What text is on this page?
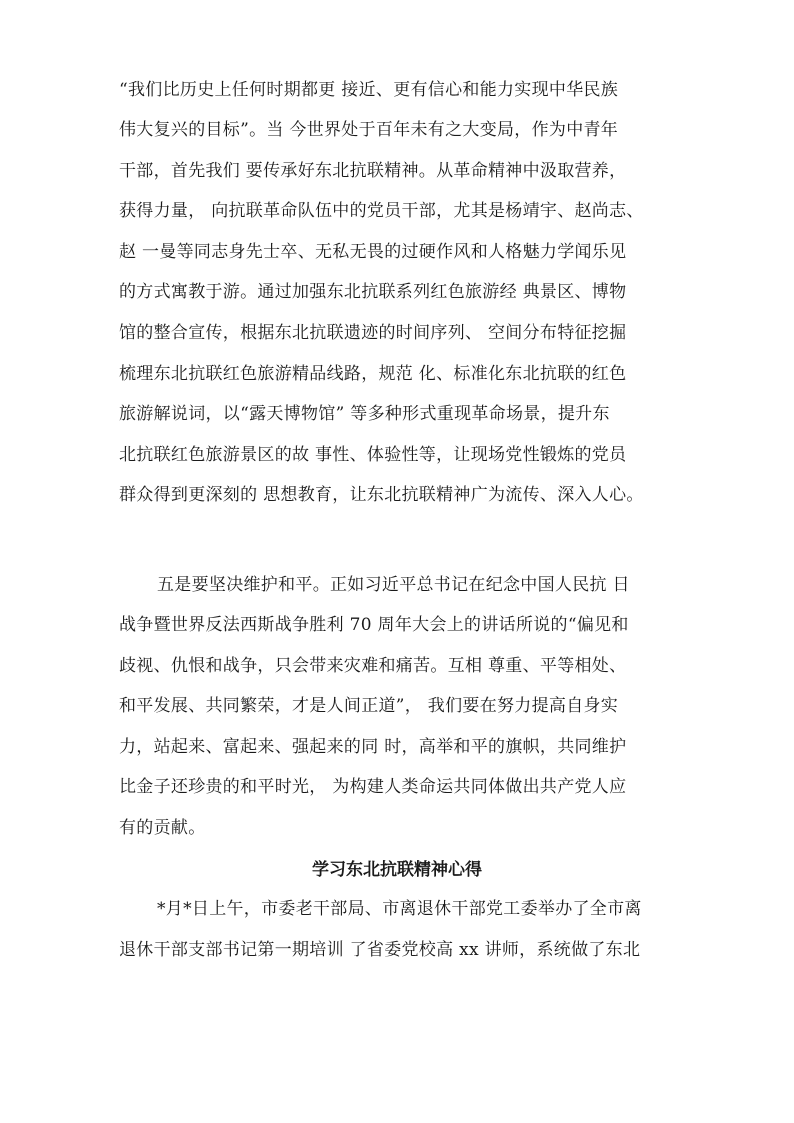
“我们比历史上任何时期都更 接近、更有信心和能力实现中华民族
伟大复兴的目标”。当 今世界处于百年未有之大变局，作为中青年
干部，首先我们 要传承好东北抗联精神。从革命精神中汲取营养，
获得力量， 向抗联革命队伍中的党员干部，尤其是杨靖宇、赵尚志、
赵 一曼等同志身先士卒、无私无畏的过硬作风和人格魅力学闻乐见
的方式寓教于游。通过加强东北抗联系列红色旅游经 典景区、博物
馆的整合宣传，根据东北抗联遗迹的时间序列、 空间分布特征挖掘
梳理东北抗联红色旅游精品线路，规范 化、标准化东北抗联的红色
旅游解说词，以“露天博物馆” 等多种形式重现革命场景，提升东
北抗联红色旅游景区的故 事性、体验性等，让现场党性锻炼的党员
群众得到更深刻的 思想教育，让东北抗联精神广为流传、深入人心。
五是要坚决维护和平。正如习近平总书记在纪念中国人民抗 日
战争暨世界反法西斯战争胜利 70 周年大会上的讲话所说的“偏见和
歧视、仇恨和战争，只会带来灾难和痛苦。互相 尊重、平等相处、
和平发展、共同繁荣，才是人间正道”， 我们要在努力提高自身实
力，站起来、富起来、强起来的同 时，高举和平的旗帜，共同维护
比金子还珍贵的和平时光， 为构建人类命运共同体做出共产党人应
有的贡献。
学习东北抗联精神心得
*月*日上午，市委老干部局、市离退休干部党工委举办了全市离
退休干部支部书记第一期培训 了省委党校高 xx 讲师，系统做了东北
